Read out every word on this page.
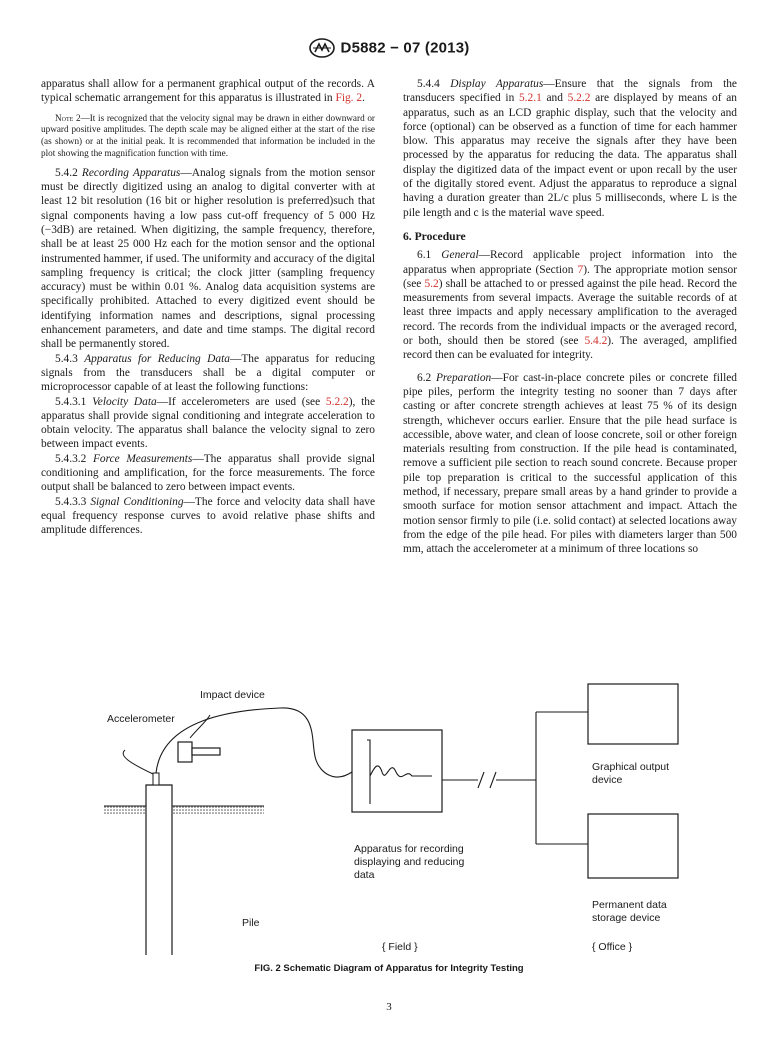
D5882 − 07 (2013)

apparatus shall allow for a permanent graphical output of the records. A typical schematic arrangement for this apparatus is illustrated in Fig. 2.

Note 2—It is recognized that the velocity signal may be drawn in either downward or upward positive amplitudes. The depth scale may be aligned either at the start of the rise (as shown) or at the initial peak. It is recommended that information be included in the plot showing the magnification function with time.

5.4.2 Recording Apparatus—Analog signals from the motion sensor must be directly digitized using an analog to digital converter with at least 12 bit resolution (16 bit or higher resolution is preferred)such that signal components having a low pass cut-off frequency of 5 000 Hz (−3dB) are retained. When digitizing, the sample frequency, therefore, shall be at least 25 000 Hz each for the motion sensor and the optional instrumented hammer, if used. The uniformity and accuracy of the digital sampling frequency is critical; the clock jitter (sampling frequency accuracy) must be within 0.01 %. Analog data acquisition systems are specifically prohibited. Attached to every digitized event should be identifying information names and descriptions, signal processing enhancement parameters, and date and time stamps. The digital record shall be permanently stored.

5.4.3 Apparatus for Reducing Data—The apparatus for reducing signals from the transducers shall be a digital computer or microprocessor capable of at least the following functions:

5.4.3.1 Velocity Data—If accelerometers are used (see 5.2.2), the apparatus shall provide signal conditioning and integrate acceleration to obtain velocity. The apparatus shall balance the velocity signal to zero between impact events.

5.4.3.2 Force Measurements—The apparatus shall provide signal conditioning and amplification, for the force measurements. The force output shall be balanced to zero between impact events.

5.4.3.3 Signal Conditioning—The force and velocity data shall have equal frequency response curves to avoid relative phase shifts and amplitude differences.

5.4.4 Display Apparatus—Ensure that the signals from the transducers specified in 5.2.1 and 5.2.2 are displayed by means of an apparatus, such as an LCD graphic display, such that the velocity and force (optional) can be observed as a function of time for each hammer blow. This apparatus may receive the signals after they have been processed by the apparatus for reducing the data. The apparatus shall display the digitized data of the impact event or upon recall by the user of the digitally stored event. Adjust the apparatus to reproduce a signal having a duration greater than 2L/c plus 5 milliseconds, where L is the pile length and c is the material wave speed.

6. Procedure

6.1 General—Record applicable project information into the apparatus when appropriate (Section 7). The appropriate motion sensor (see 5.2) shall be attached to or pressed against the pile head. Record the measurements from several impacts. Average the suitable records of at least three impacts and apply necessary amplification to the averaged record. The records from the individual impacts or the averaged record, or both, should then be stored (see 5.4.2). The averaged, amplified record then can be evaluated for integrity.

6.2 Preparation—For cast-in-place concrete piles or concrete filled pipe piles, perform the integrity testing no sooner than 7 days after casting or after concrete strength achieves at least 75 % of its design strength, whichever occurs earlier. Ensure that the pile head surface is accessible, above water, and clean of loose concrete, soil or other foreign materials resulting from construction. If the pile head is contaminated, remove a sufficient pile section to reach sound concrete. Because proper pile top preparation is critical to the successful application of this method, if necessary, prepare small areas by a hand grinder to provide a smooth surface for motion sensor attachment and impact. Attach the motion sensor firmly to pile (i.e. solid contact) at selected locations away from the edge of the pile head. For piles with diameters larger than 500 mm, attach the accelerometer at a minimum of three locations so

Impact device
Accelerometer
Pile
Apparatus for recording
displaying and reducing
data
Graphical output
device
Permanent data
storage device
{ Field }	{ Office }
FIG. 2 Schematic Diagram of Apparatus for Integrity Testing
3
